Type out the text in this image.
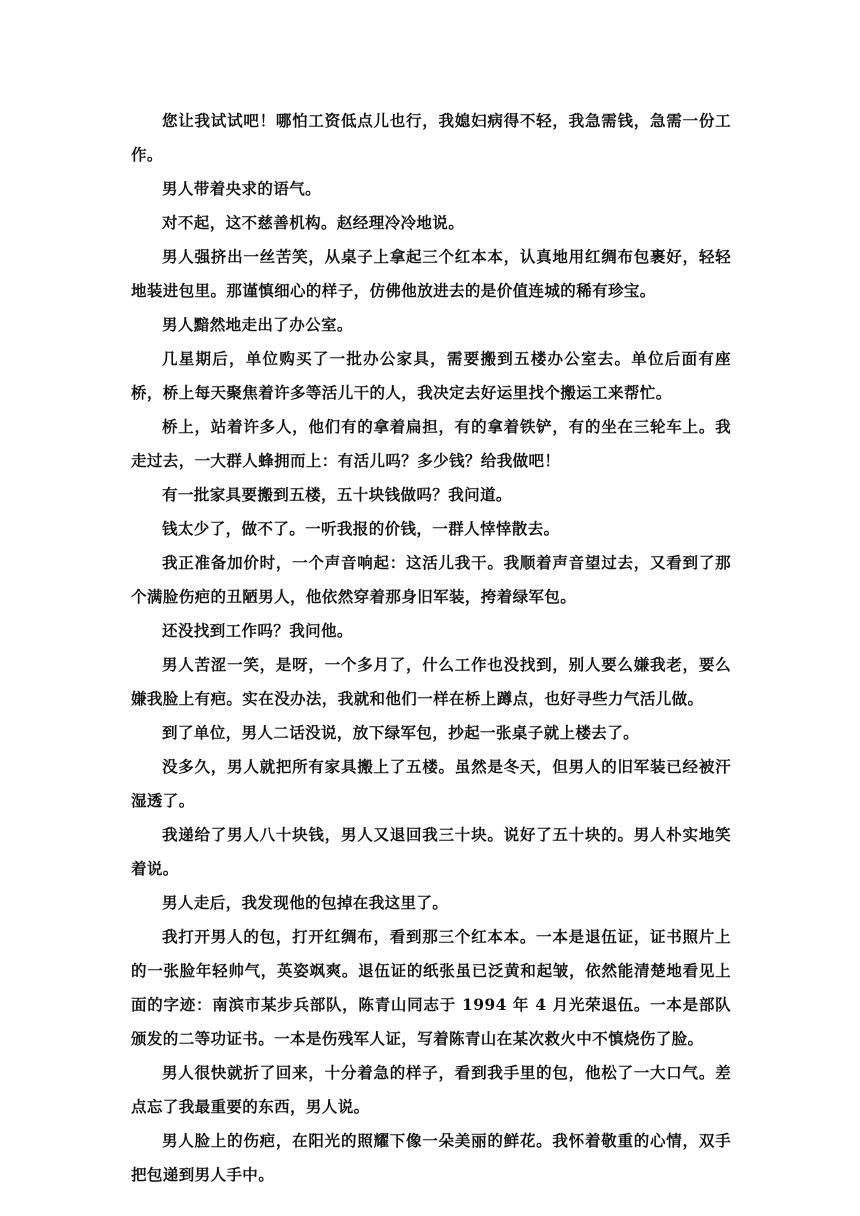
您让我试试吧！哪怕工资低点儿也行，我媳妇病得不轻，我急需钱，急需一份工作。

男人带着央求的语气。

对不起，这不慈善机构。赵经理冷冷地说。

男人强挤出一丝苦笑，从桌子上拿起三个红本本，认真地用红绸布包裹好，轻轻地装进包里。那谨慎细心的样子，仿佛他放进去的是价值连城的稀有珍宝。

男人黯然地走出了办公室。

几星期后，单位购买了一批办公家具，需要搬到五楼办公室去。单位后面有座桥，桥上每天聚焦着许多等活儿干的人，我决定去好运里找个搬运工来帮忙。

桥上，站着许多人，他们有的拿着扁担，有的拿着铁铲，有的坐在三轮车上。我走过去，一大群人蜂拥而上：有活儿吗？多少钱？给我做吧！

有一批家具要搬到五楼，五十块钱做吗？我问道。

钱太少了，做不了。一听我报的价钱，一群人悻悻散去。

我正准备加价时，一个声音响起：这活儿我干。我顺着声音望过去，又看到了那个满脸伤疤的丑陋男人，他依然穿着那身旧军装，挎着绿军包。

还没找到工作吗？我问他。

男人苦涩一笑，是呀，一个多月了，什么工作也没找到，别人要么嫌我老，要么嫌我脸上有疤。实在没办法，我就和他们一样在桥上蹲点，也好寻些力气活儿做。

到了单位，男人二话没说，放下绿军包，抄起一张桌子就上楼去了。

没多久，男人就把所有家具搬上了五楼。虽然是冬天，但男人的旧军装已经被汗湿透了。

我递给了男人八十块钱，男人又退回我三十块。说好了五十块的。男人朴实地笑着说。

男人走后，我发现他的包掉在我这里了。

我打开男人的包，打开红绸布，看到那三个红本本。一本是退伍证，证书照片上的一张脸年轻帅气，英姿飒爽。退伍证的纸张虽已泛黄和起皱，依然能清楚地看见上面的字迹：南滨市某步兵部队，陈青山同志于 1994 年 4 月光荣退伍。一本是部队颁发的二等功证书。一本是伤残军人证，写着陈青山在某次救火中不慎烧伤了脸。

男人很快就折了回来，十分着急的样子，看到我手里的包，他松了一大口气。差点忘了我最重要的东西，男人说。

男人脸上的伤疤，在阳光的照耀下像一朵美丽的鲜花。我怀着敬重的心情，双手把包递到男人手中。
